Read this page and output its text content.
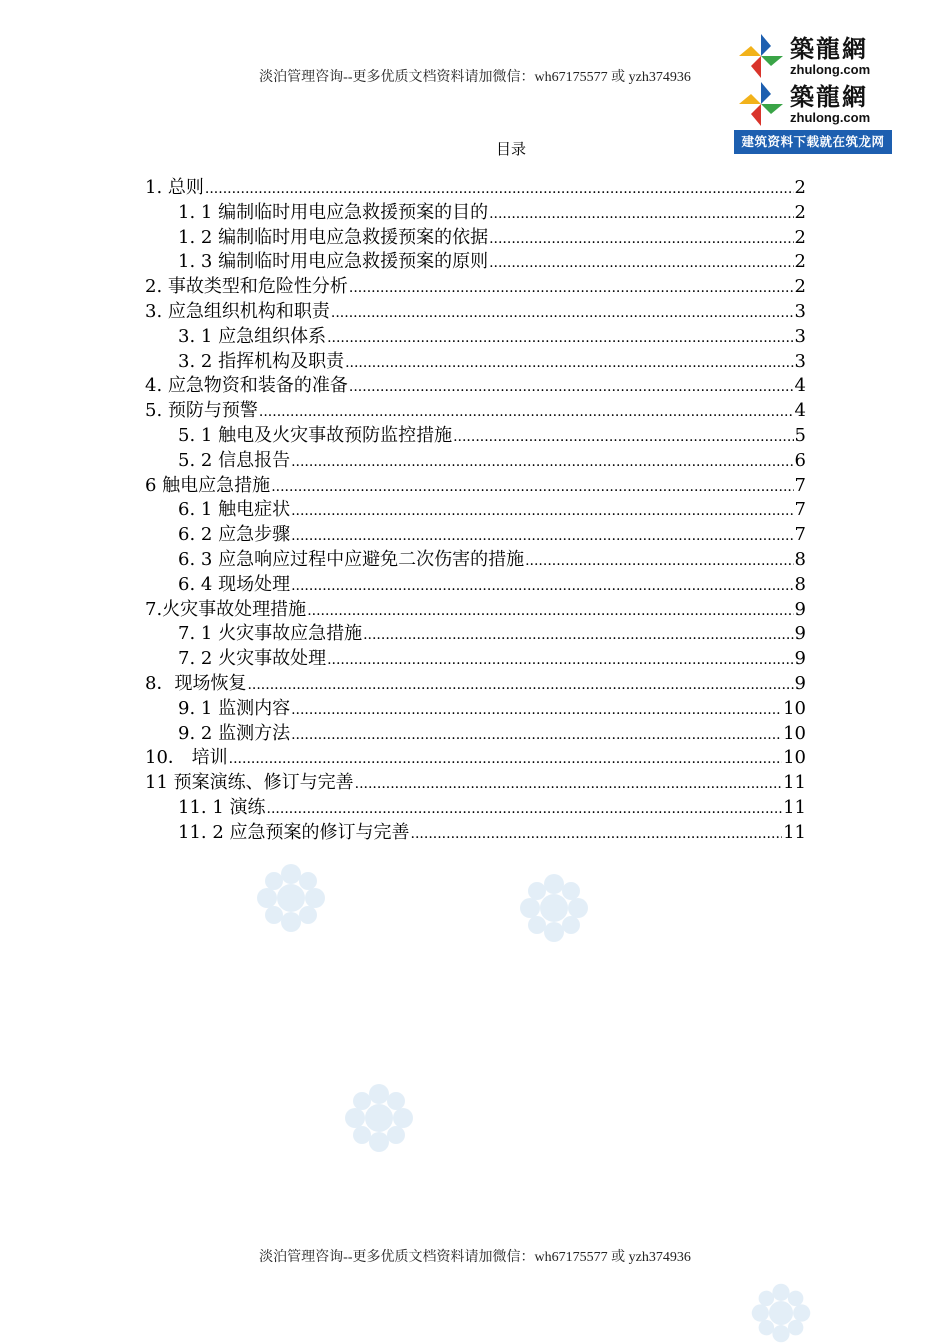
淡泊管理咨询--更多优质文档资料请加微信：wh67175577 或 yzh374936
築龍網
zhulong.com
築龍網
zhulong.com
建筑资料下载就在筑龙网
目录
1. 总则 .....	2
1. 1 编制临时用电应急救援预案的目的 .....	2
1. 2 编制临时用电应急救援预案的依据 .....	2
1. 3 编制临时用电应急救援预案的原则 .....	2
2. 事故类型和危险性分析 .....	2
3. 应急组织机构和职责 .....	3
3. 1 应急组织体系 .....	3
3. 2 指挥机构及职责 .....	3
4. 应急物资和装备的准备 .....	4
5. 预防与预警 .....	4
5. 1 触电及火灾事故预防监控措施 .....	5
5. 2 信息报告 .....	6
6 触电应急措施 .....	7
6. 1 触电症状 .....	7
6. 2 应急步骤 .....	7
6. 3 应急响应过程中应避免二次伤害的措施 .....	8
6. 4 现场处理 .....	8
7.火灾事故处理措施 .....	9
7. 1 火灾事故应急措施 .....	9
7. 2 火灾事故处理 .....	9
8．现场恢复 .....	9
9. 1 监测内容 .....	10
9. 2 监测方法 .....	10
10． 培训 .....	10
11 预案演练、修订与完善 .....	11
11. 1 演练 .....	11
11. 2 应急预案的修订与完善 .....	11
淡泊管理咨询--更多优质文档资料请加微信：wh67175577 或 yzh374936
